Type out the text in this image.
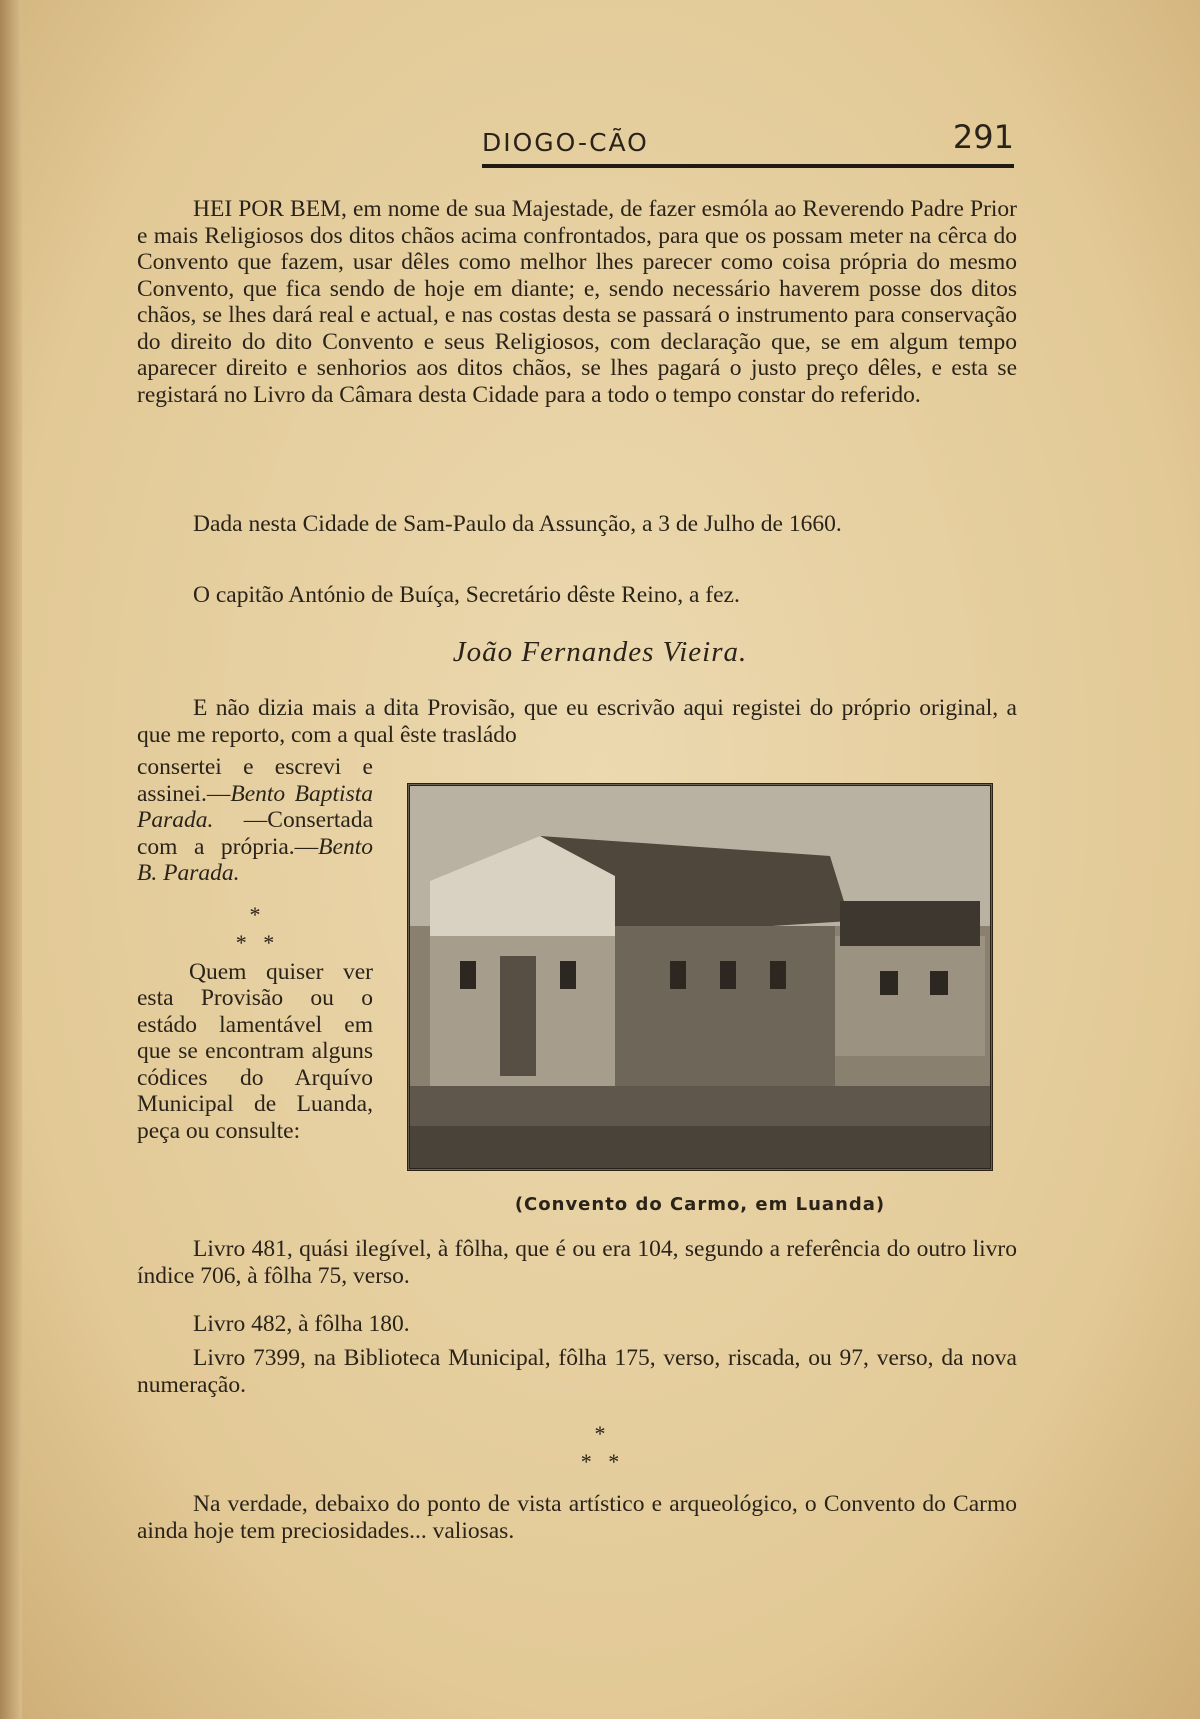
DIOGO-CÃO	291

HEI POR BEM, em nome de sua Majestade, de fazer esmóla ao Reverendo Padre Prior e mais Religiosos dos ditos chãos acima confrontados, para que os possam meter na cêrca do Convento que fazem, usar dêles como melhor lhes parecer como coisa própria do mesmo Convento, que fica sendo de hoje em diante; e, sendo necessário haverem posse dos ditos chãos, se lhes dará real e actual, e nas costas desta se passará o instrumento para conservação do direito do dito Convento e seus Religiosos, com declaração que, se em algum tempo aparecer direito e senhorios aos ditos chãos, se lhes pagará o justo preço dêles, e esta se registará no Livro da Câmara desta Cidade para a todo o tempo constar do referido.

Dada nesta Cidade de Sam-Paulo da Assunção, a 3 de Julho de 1660.

O capitão António de Buíça, Secretário dêste Reino, a fez.

João Fernandes Vieira.

E não dizia mais a dita Provisão, que eu escrivão aqui registei do próprio original, a que me reporto, com a qual êste trasládo

consertei e escrevi e assinei.—Bento Baptista Parada. —Consertada com a própria.—Bento B. Parada.

*
*   *

Quem quiser ver esta Provisão ou o estádo lamentável em que se encontram alguns códices do Arquívo Municipal de Luanda, peça ou consulte:

(Convento do Carmo, em Luanda)

Livro 481, quási ilegível, à fôlha, que é ou era 104, segundo a referência do outro livro índice 706, à fôlha 75, verso.

Livro 482, à fôlha 180.

Livro 7399, na Biblioteca Municipal, fôlha 175, verso, riscada, ou 97, verso, da nova numeração.

*
*   *

Na verdade, debaixo do ponto de vista artístico e arqueológico, o Convento do Carmo ainda hoje tem preciosidades... valiosas.
